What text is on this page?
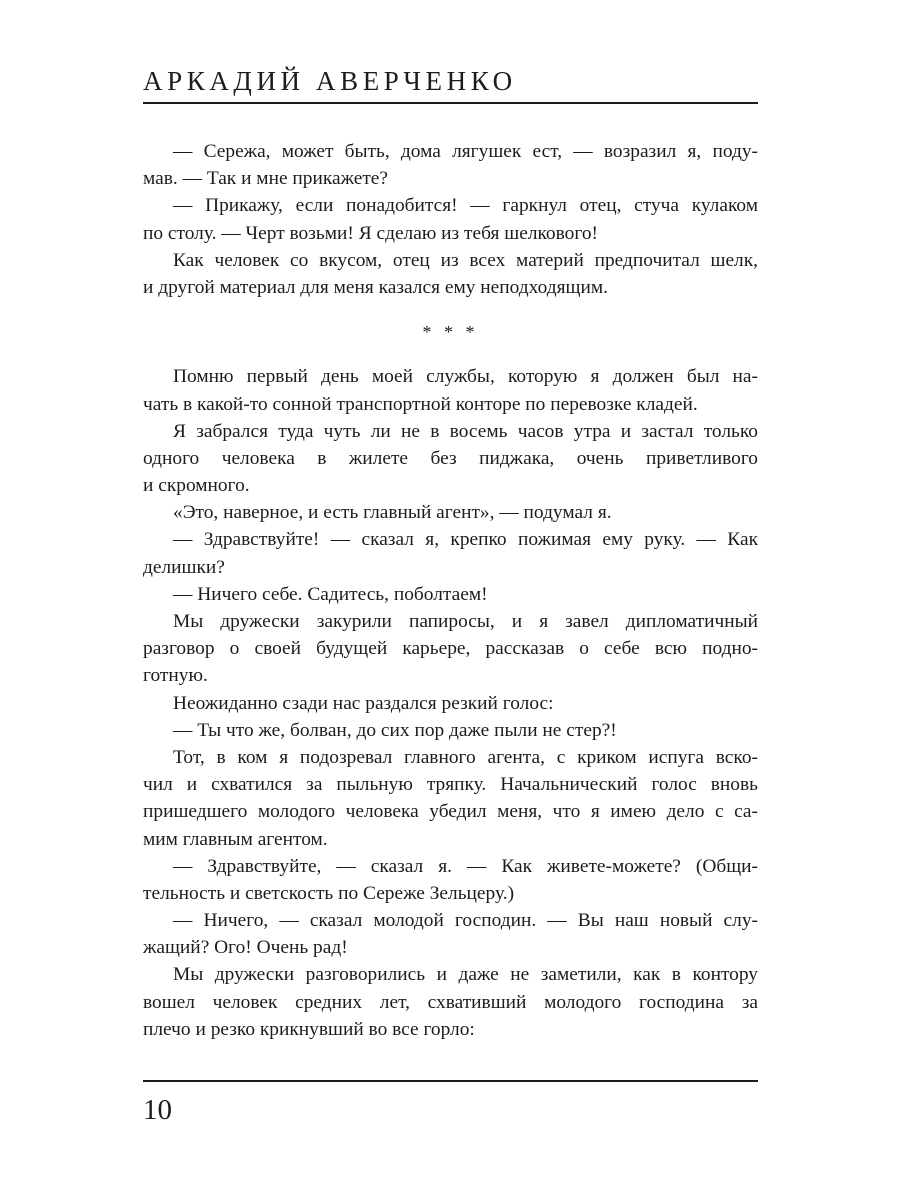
АРКАДИЙ АВЕРЧЕНКО
— Сережа, может быть, дома лягушек ест, — возразил я, поду-
мав. — Так и мне прикажете?
— Прикажу, если понадобится! — гаркнул отец, стуча кулаком
по столу. — Черт возьми! Я сделаю из тебя шелкового!
Как человек со вкусом, отец из всех материй предпочитал шелк,
и другой материал для меня казался ему неподходящим.
* * *
Помню первый день моей службы, которую я должен был на-
чать в какой-то сонной транспортной конторе по перевозке кладей.
Я забрался туда чуть ли не в восемь часов утра и застал только
одного человека в жилете без пиджака, очень приветливого
и скромного.
«Это, наверное, и есть главный агент», — подумал я.
— Здравствуйте! — сказал я, крепко пожимая ему руку. — Как
делишки?
— Ничего себе. Садитесь, поболтаем!
Мы дружески закурили папиросы, и я завел дипломатичный
разговор о своей будущей карьере, рассказав о себе всю подно-
готную.
Неожиданно сзади нас раздался резкий голос:
— Ты что же, болван, до сих пор даже пыли не стер?!
Тот, в ком я подозревал главного агента, с криком испуга вско-
чил и схватился за пыльную тряпку. Начальнический голос вновь
пришедшего молодого человека убедил меня, что я имею дело с са-
мим главным агентом.
— Здравствуйте, — сказал я. — Как живете-можете? (Общи-
тельность и светскость по Сереже Зельцеру.)
— Ничего, — сказал молодой господин. — Вы наш новый слу-
жащий? Ого! Очень рад!
Мы дружески разговорились и даже не заметили, как в контору
вошел человек средних лет, схвативший молодого господина за
плечо и резко крикнувший во все горло:
10
